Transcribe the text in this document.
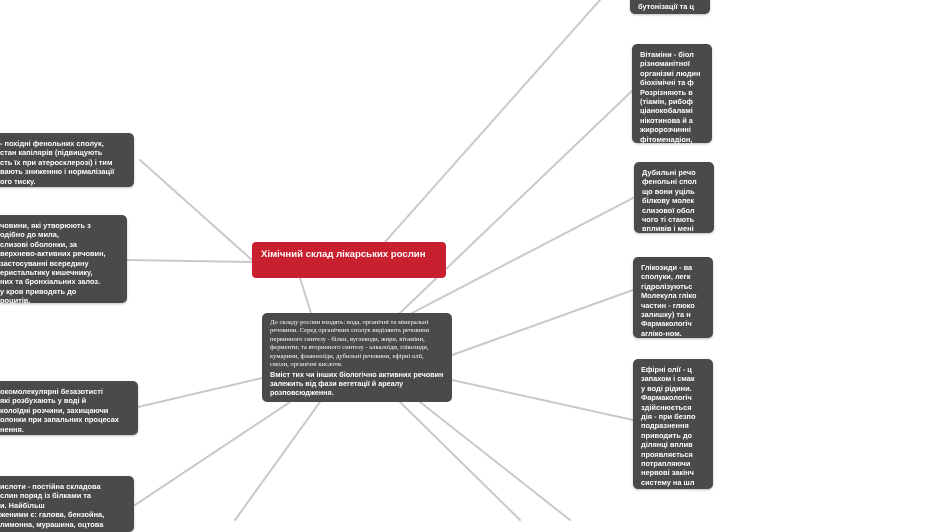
Хімічний склад лікарських рослин
До складу рослин входять: вода, органічні та мінеральні речовини. Серед органічних сполук виділяють речовини первинного синтезу - білки, вуглеводи, жири, вітаміни, ферменти; та вторинного синтезу - алкалоїди, глікозиди, кумарини, флавоноїди, дубильні речовини, ефірні олії, смоли, органічні кислоти.
Вміст тих чи інших біологічно активних речовин залежить від фази вегетації й ареалу розповсюдження.
бутонізації та ц
Вітаміни - біол
різноманітної
організмі людин
біохімічні та ф
Розрізняють в
(тіамін, рибоф
ціанокобаламі
нікотинова й а
жиророзчинні
фітоменадіон,
Дубильні речо
фенольні спол
що вони уціль
білкову молек
слизової обол
чого ті стають
впливів і мені
Глікозиди - ва
сполуки, легк
гідролізуютьс
Молекула гліко
частин - глюко
залишку) та н
Фармакологіч
агліко-ном.
Ефірні олії - ц
запахом і смак
у воді рідини.
Фармакологіч
здійснюється
дія - при безпо
подразнення
приводить до
ділянці вплив
проявляється
потрапляючи
нервові закінч
систему на шл
посилення се
- похідні фенольних сполук,
стан капілярів (підвищують
сть їх при атеросклерозі) і тим
вають зниженню і нормалізації
ого тиску.
човини, які утворюють з
одібно до мила,
слизові оболонки, за
верхнево-активних речовин,
застосуванні всередину
еристальтику кишечнику,
них та бронхіальних залоз.
у кров приводять до
роцитів.
окомолекулярні безазотисті
які розбухають у воді й
колоїдні розчини, захищаючи
олонки при запальних процесах
нення.
ислоти - постійна складова
слин поряд із білками та
и. Найбільш
женими є: галова, бензойна,
лимонна, мурашина, оцтова
